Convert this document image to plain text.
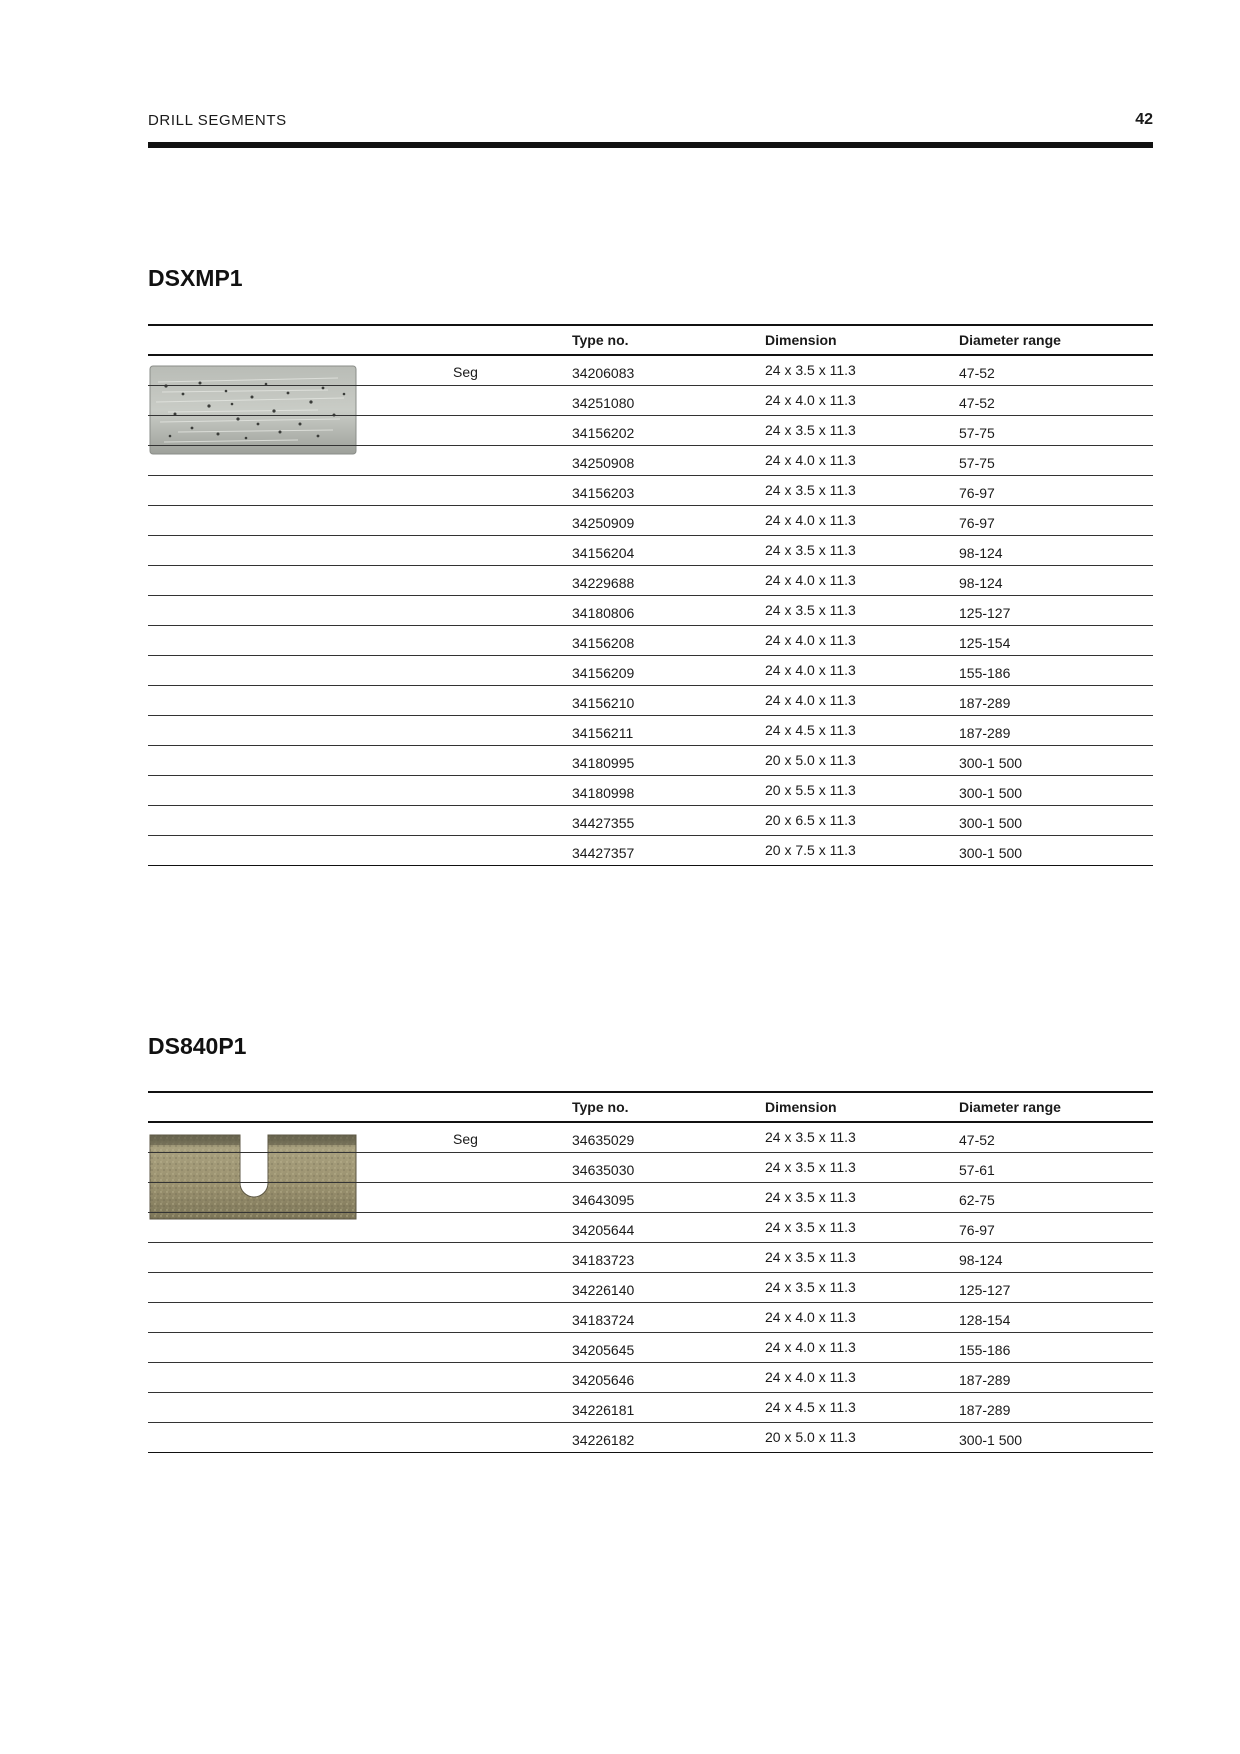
DRILL SEGMENTS	42
DSXMP1
Type no.	Dimension	Diameter range
Seg	34206083	24 x 3.5 x 11.3	47-52
34251080	24 x 4.0 x 11.3	47-52
34156202	24 x 3.5 x 11.3	57-75
34250908	24 x 4.0 x 11.3	57-75
34156203	24 x 3.5 x 11.3	76-97
34250909	24 x 4.0 x 11.3	76-97
34156204	24 x 3.5 x 11.3	98-124
34229688	24 x 4.0 x 11.3	98-124
34180806	24 x 3.5 x 11.3	125-127
34156208	24 x 4.0 x 11.3	125-154
34156209	24 x 4.0 x 11.3	155-186
34156210	24 x 4.0 x 11.3	187-289
34156211	24 x 4.5 x 11.3	187-289
34180995	20 x 5.0 x 11.3	300-1 500
34180998	20 x 5.5 x 11.3	300-1 500
34427355	20 x 6.5 x 11.3	300-1 500
34427357	20 x 7.5 x 11.3	300-1 500
DS840P1
Type no.	Dimension	Diameter range
Seg	34635029	24 x 3.5 x 11.3	47-52
34635030	24 x 3.5 x 11.3	57-61
34643095	24 x 3.5 x 11.3	62-75
34205644	24 x 3.5 x 11.3	76-97
34183723	24 x 3.5 x 11.3	98-124
34226140	24 x 3.5 x 11.3	125-127
34183724	24 x 4.0 x 11.3	128-154
34205645	24 x 4.0 x 11.3	155-186
34205646	24 x 4.0 x 11.3	187-289
34226181	24 x 4.5 x 11.3	187-289
34226182	20 x 5.0 x 11.3	300-1 500
